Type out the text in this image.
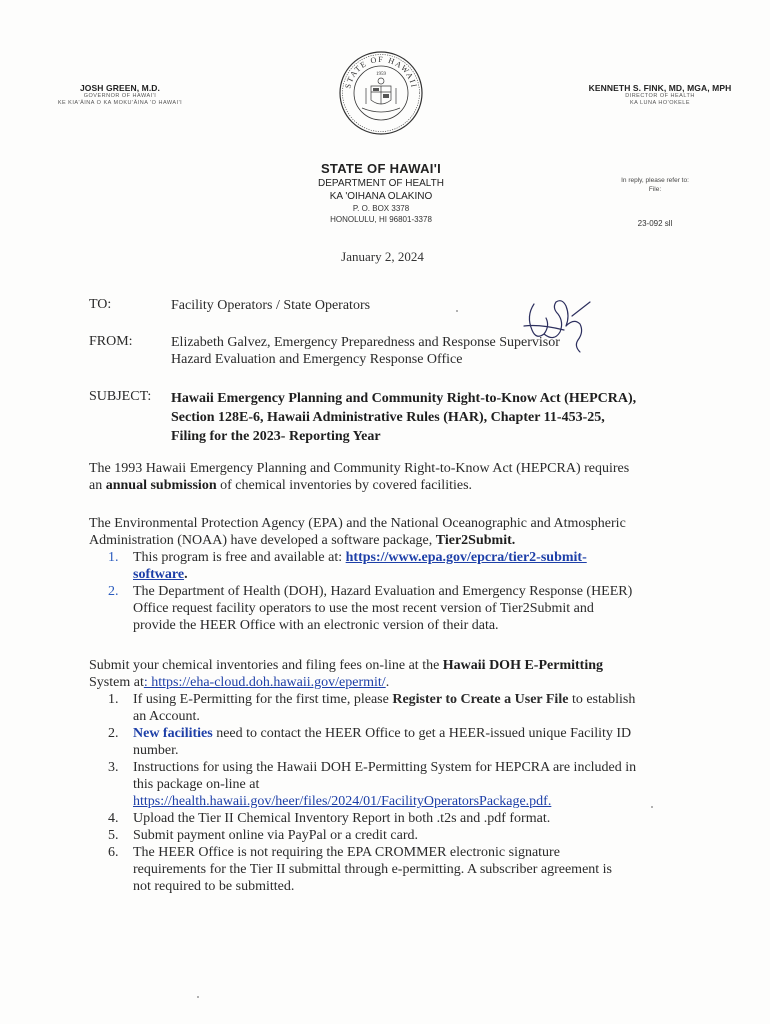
JOSH GREEN, M.D.
GOVERNOR OF HAWAI'I
KE KIA'ĀINA O KA MOKU'ĀINA 'O HAWAI'I
STATE OF HAWAII
1959
KENNETH S. FINK, MD, MGA, MPH
DIRECTOR OF HEALTH
KA LUNA HO'OKELE
STATE OF HAWAI'I
DEPARTMENT OF HEALTH
KA 'OIHANA OLAKINO
P. O. BOX 3378
HONOLULU, HI 96801-3378
In reply, please refer to:
File:
23-092 sll
January 2, 2024
TO:	Facility Operators / State Operators
FROM:	Elizabeth Galvez, Emergency Preparedness and Response Supervisor
Hazard Evaluation and Emergency Response Office
SUBJECT: Hawaii Emergency Planning and Community Right-to-Know Act (HEPCRA),
Section 128E-6, Hawaii Administrative Rules (HAR), Chapter 11-453-25,
Filing for the 2023- Reporting Year
The 1993 Hawaii Emergency Planning and Community Right-to-Know Act (HEPCRA) requires
an annual submission of chemical inventories by covered facilities.
The Environmental Protection Agency (EPA) and the National Oceanographic and Atmospheric
Administration (NOAA) have developed a software package, Tier2Submit.
1. This program is free and available at: https://www.epa.gov/epcra/tier2-submit-
software.
2. The Department of Health (DOH), Hazard Evaluation and Emergency Response (HEER)
Office request facility operators to use the most recent version of Tier2Submit and
provide the HEER Office with an electronic version of their data.
Submit your chemical inventories and filing fees on-line at the Hawaii DOH E-Permitting
System at: https://eha-cloud.doh.hawaii.gov/epermit/.
1. If using E-Permitting for the first time, please Register to Create a User File to establish
an Account.
2. New facilities need to contact the HEER Office to get a HEER-issued unique Facility ID
number.
3. Instructions for using the Hawaii DOH E-Permitting System for HEPCRA are included in
this package on-line at
https://health.hawaii.gov/heer/files/2024/01/FacilityOperatorsPackage.pdf.
4. Upload the Tier II Chemical Inventory Report in both .t2s and .pdf format.
5. Submit payment online via PayPal or a credit card.
6. The HEER Office is not requiring the EPA CROMMER electronic signature
requirements for the Tier II submittal through e-permitting. A subscriber agreement is
not required to be submitted.
